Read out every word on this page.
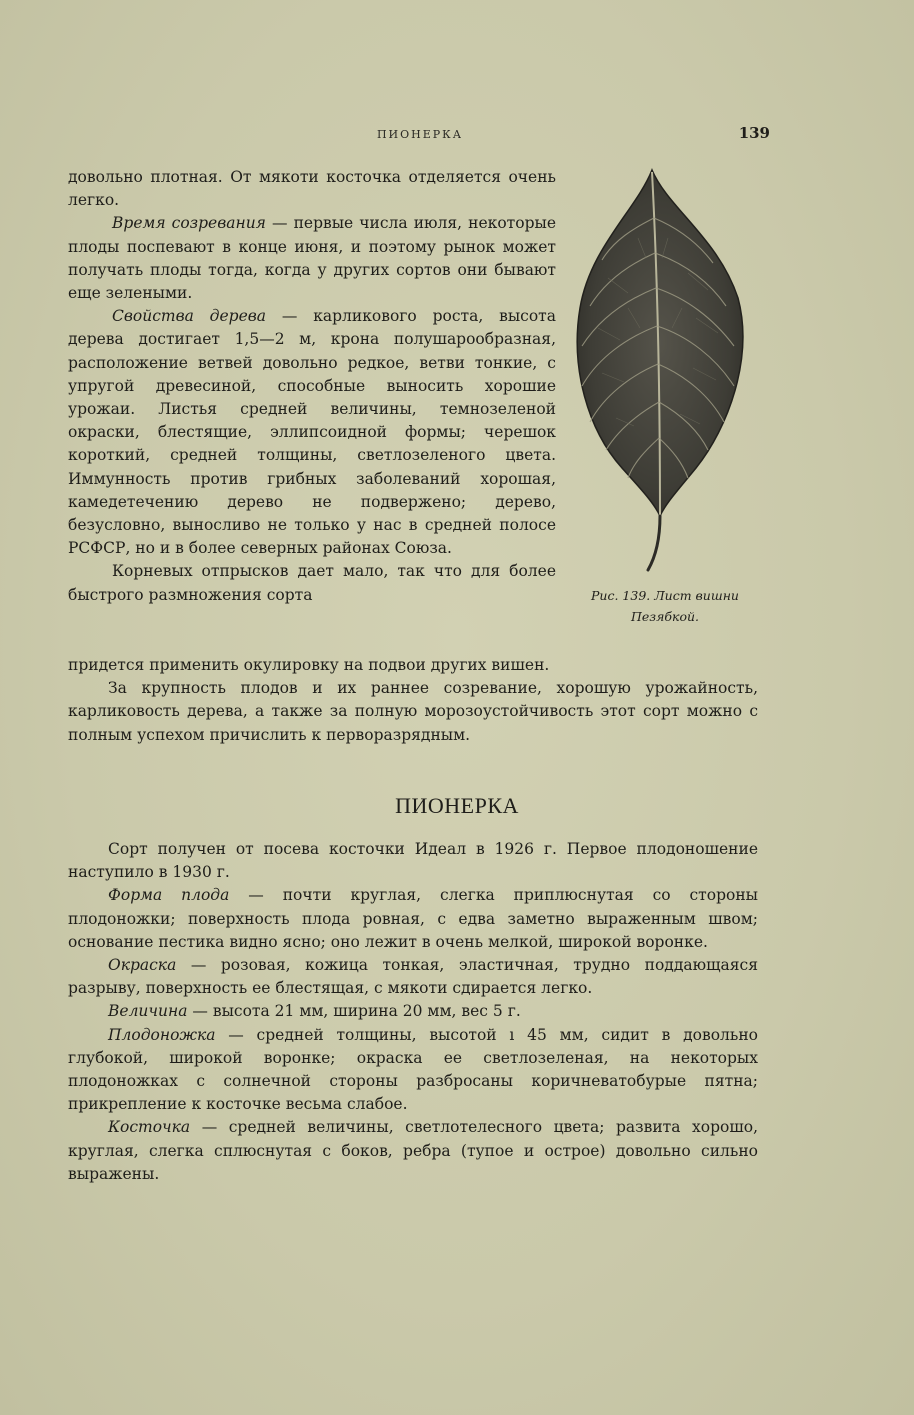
ПИОНЕРКА	139

довольно плотная. От мякоти косточка отделяется очень легко.

Время созревания — первые числа июля, некоторые плоды поспевают в конце июня, и поэтому рынок может получать плоды тогда, когда у других сортов они бывают еще зелеными.

Свойства дерева — карликового роста, высота дерева достигает 1,5—2 м, крона полушарообразная, расположение ветвей довольно редкое, ветви тонкие, с упругой древесиной, способные выносить хорошие урожаи. Листья средней величины, темнозеленой окраски, блестящие, эллипсоидной формы; черешок короткий, средней толщины, светлозеленого цвета. Иммунность против грибных заболеваний хорошая, камедетечению дерево не подвержено; дерево, безусловно, выносливо не только у нас в средней полосе РСФСР, но и в более северных районах Союза.

Корневых отпрысков дает мало, так что для более быстрого размножения сорта

придется применить окулировку на подвои других вишен.

За крупность плодов и их раннее созревание, хорошую урожайность, карликовость дерева, а также за полную морозоустойчивость этот сорт можно с полным успехом причислить к перворазрядным.

Рис. 139. Лист вишни Пезябкой.
ПИОНЕРКА

Сорт получен от посева косточки Идеал в 1926 г. Первое плодоношение наступило в 1930 г.

Форма плода — почти круглая, слегка приплюснутая со стороны плодоножки; поверхность плода ровная, с едва заметно выраженным швом; основание пестика видно ясно; оно лежит в очень мелкой, широкой воронке.

Окраска — розовая, кожица тонкая, эластичная, трудно поддающаяся разрыву, поверхность ее блестящая, с мякоти сдирается легко.

Величина — высота 21 мм, ширина 20 мм, вес 5 г.

Плодоножка — средней толщины, высотой ı 45 мм, сидит в довольно глубокой, широкой воронке; окраска ее светлозеленая, на некоторых плодоножках с солнечной стороны разбросаны коричневатобурые пятна; прикрепление к косточке весьма слабое.

Косточка — средней величины, светлотелесного цвета; развита хорошо, круглая, слегка сплюснутая с боков, ребра (тупое и острое) довольно сильно выражены.
